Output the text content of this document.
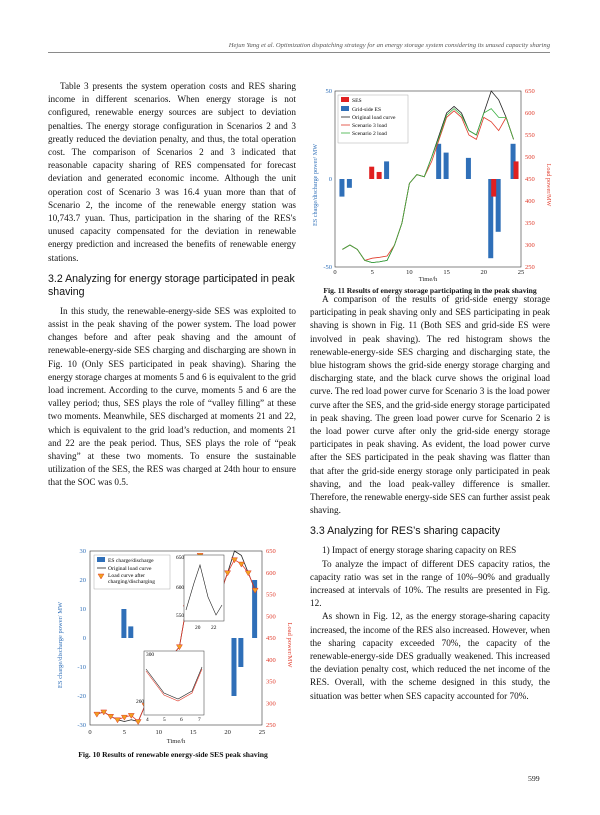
Hejun Yang et al. Optimization dispatching strategy for an energy storage system considering its unused capacity sharing

Table 3 presents the system operation costs and RES sharing income in different scenarios. When energy storage is not configured, renewable energy sources are subject to deviation penalties. The energy storage configuration in Scenarios 2 and 3 greatly reduced the deviation penalty, and thus, the total operation cost. The comparison of Scenarios 2 and 3 indicated that reasonable capacity sharing of RES compensated for forecast deviation and generated economic income. Although the unit operation cost of Scenario 3 was 16.4 yuan more than that of Scenario 2, the income of the renewable energy station was 10,743.7 yuan. Thus, participation in the sharing of the RES's unused capacity compensated for the deviation in renewable energy prediction and increased the benefits of renewable energy stations.

3.2 Analyzing for energy storage participated in peak shaving

In this study, the renewable-energy-side SES was exploited to assist in the peak shaving of the power system. The load power changes before and after peak shaving and the amount of renewable-energy-side SES charging and discharging are shown in Fig. 10 (Only SES participated in peak shaving). Sharing the energy storage charges at moments 5 and 6 is equivalent to the grid load increment. According to the curve, moments 5 and 6 are the valley period; thus, SES plays the role of “valley filling” at these two moments. Meanwhile, SES discharged at moments 21 and 22, which is equivalent to the grid load’s reduction, and moments 21 and 22 are the peak period. Thus, SES plays the role of “peak shaving” at these two moments. To ensure the sustainable utilization of the SES, the RES was charged at 24th hour to ensure that the SOC was 0.5.

30
20
10
0
-10
-20
-30
650
600
550
500
450
400
350
300
250
0	5	10	15	20	25
ES charge/discharge power/ MW	Load power/MW
Time/h
ES charge/discharge
Original load curve
Load curve after charging/discharging
650
600
550
20 22
300
260
4	5	6	7
Fig. 10 Results of renewable energy-side SES peak shaving
50
0
-50
650
600
550
500
450
400
350
300
250
0	5	10	15	20	25
ES charge/discharge power/ MW	Load power/MW
Time/h
SES
Grid-side ES
Original load curve
Scenario 3 load
Scenario 2 load
Fig. 11 Results of energy storage participating in the peak shaving

A comparison of the results of grid-side energy storage participating in peak shaving only and SES participating in peak shaving is shown in Fig. 11 (Both SES and grid-side ES were involved in peak shaving). The red histogram shows the renewable-energy-side SES charging and discharging state, the blue histogram shows the grid-side energy storage charging and discharging state, and the black curve shows the original load curve. The red load power curve for Scenario 3 is the load power curve after the SES, and the grid-side energy storage participated in peak shaving. The green load power curve for Scenario 2 is the load power curve after only the grid-side energy storage participates in peak shaving. As evident, the load power curve after the SES participated in the peak shaving was flatter than that after the grid-side energy storage only participated in peak shaving, and the load peak-valley difference is smaller. Therefore, the renewable energy-side SES can further assist peak shaving.

3.3 Analyzing for RES’s sharing capacity

1) Impact of energy storage sharing capacity on RES

To analyze the impact of different DES capacity ratios, the capacity ratio was set in the range of 10%–90% and gradually increased at intervals of 10%. The results are presented in Fig. 12.

As shown in Fig. 12, as the energy storage-sharing capacity increased, the income of the RES also increased. However, when the sharing capacity exceeded 70%, the capacity of the renewable-energy-side DES gradually weakened. This increased the deviation penalty cost, which reduced the net income of the RES. Overall, with the scheme designed in this study, the situation was better when SES capacity accounted for 70%.

599
